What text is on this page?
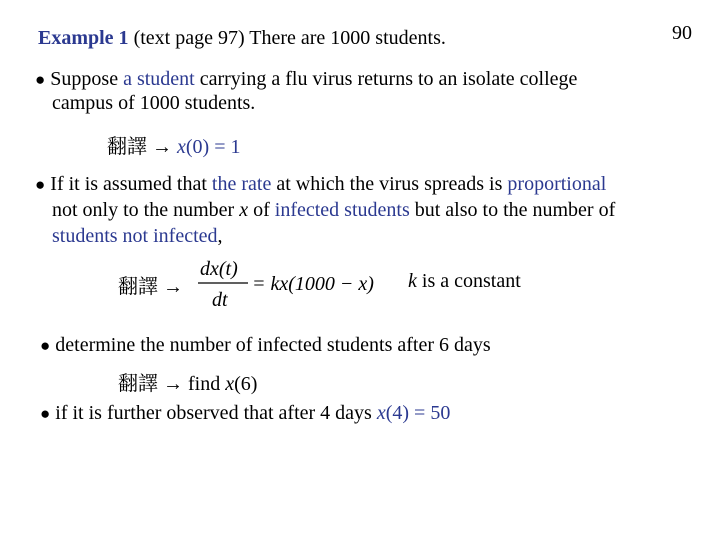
Example 1 (text page 97) There are 1000 students.	90
● Suppose a student carrying a flu virus returns to an isolate college
campus of 1000 students.
翻譯 → x(0) = 1
● If it is assumed that the rate at which the virus spreads is proportional
not only to the number x of infected students but also to the number of
students not infected,
翻譯 →
dx(t)
dt
= kx(1000 − x) k is a constant
● determine the number of infected students after 6 days
翻譯 → find x(6)
● if it is further observed that after 4 days x(4) = 50
